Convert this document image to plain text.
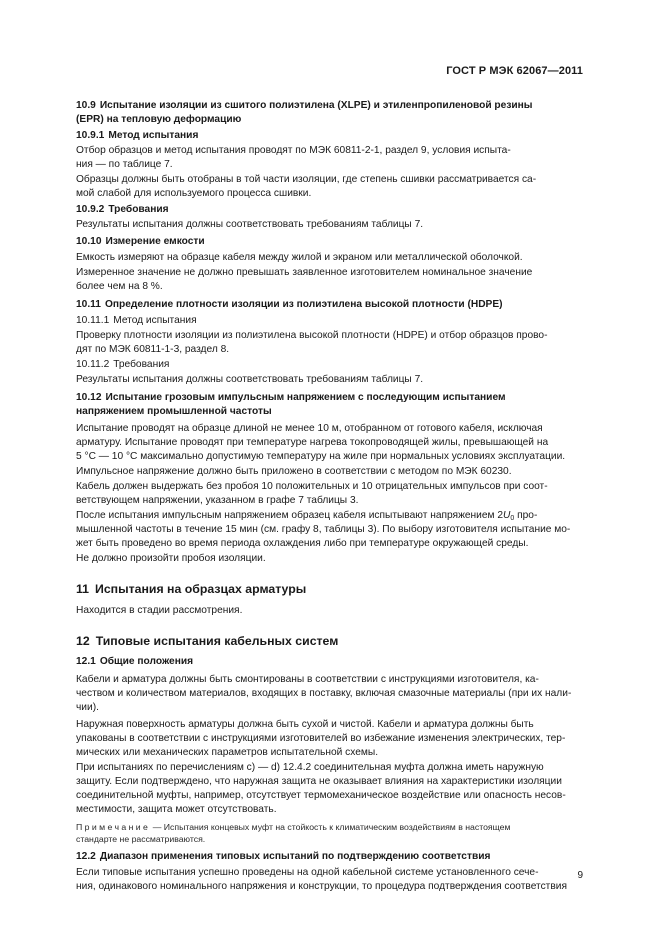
ГОСТ Р МЭК 62067—2011
10.9 Испытание изоляции из сшитого полиэтилена (XLPE) и этиленпропиленовой резины
(EPR) на тепловую деформацию
10.9.1 Метод испытания

Отбор образцов и метод испытания проводят по МЭК 60811-2-1, раздел 9, условия испыта-
ния — по таблице 7.

Образцы должны быть отобраны в той части изоляции, где степень сшивки рассматривается са-
мой слабой для используемого процесса сшивки.

10.9.2 Требования

Результаты испытания должны соответствовать требованиям таблицы 7.

10.10 Измерение емкости

Емкость измеряют на образце кабеля между жилой и экраном или металлической оболочкой.

Измеренное значение не должно превышать заявленное изготовителем номинальное значение
более чем на 8 %.

10.11 Определение плотности изоляции из полиэтилена высокой плотности (HDPE)
10.11.1 Метод испытания

Проверку плотности изоляции из полиэтилена высокой плотности (HDPE) и отбор образцов прово-
дят по МЭК 60811-1-3, раздел 8.

10.11.2 Требования

Результаты испытания должны соответствовать требованиям таблицы 7.

10.12 Испытание грозовым импульсным напряжением с последующим испытанием
напряжением промышленной частоты

Испытание проводят на образце длиной не менее 10 м, отобранном от готового кабеля, исключая
арматуру. Испытание проводят при температуре нагрева токопроводящей жилы, превышающей на
5 °C — 10 °C максимально допустимую температуру на жиле при нормальных условиях эксплуатации.

Импульсное напряжение должно быть приложено в соответствии с методом по МЭК 60230.

Кабель должен выдержать без пробоя 10 положительных и 10 отрицательных импульсов при соот-
ветствующем напряжении, указанном в графе 7 таблицы 3.

После испытания импульсным напряжением образец кабеля испытывают напряжением $2U_0$ про-
мышленной частоты в течение 15 мин (см. графу 8, таблицы 3). По выбору изготовителя испытание мо-
жет быть проведено во время периода охлаждения либо при температуре окружающей среды.

Не должно произойти пробоя изоляции.

11 Испытания на образцах арматуры

Находится в стадии рассмотрения.

12 Типовые испытания кабельных систем
12.1 Общие положения

Кабели и арматура должны быть смонтированы в соответствии с инструкциями изготовителя, ка-
чеством и количеством материалов, входящих в поставку, включая смазочные материалы (при их нали-
чии).

Наружная поверхность арматуры должна быть сухой и чистой. Кабели и арматура должны быть
упакованы в соответствии с инструкциями изготовителей во избежание изменения электрических, тер-
мических или механических параметров испытательной схемы.

При испытаниях по перечислениям с) — d) 12.4.2 соединительная муфта должна иметь наружную
защиту. Если подтверждено, что наружная защита не оказывает влияния на характеристики изоляции
соединительной муфты, например, отсутствует термомеханическое воздействие или опасность несов-
местимости, защита может отсутствовать.

Примечание — Испытания концевых муфт на стойкость к климатическим воздействиям в настоящем
стандарте не рассматриваются.

12.2 Диапазон применения типовых испытаний по подтверждению соответствия

Если типовые испытания успешно проведены на одной кабельной системе установленного сече-
ния, одинакового номинального напряжения и конструкции, то процедура подтверждения соответствия

9
